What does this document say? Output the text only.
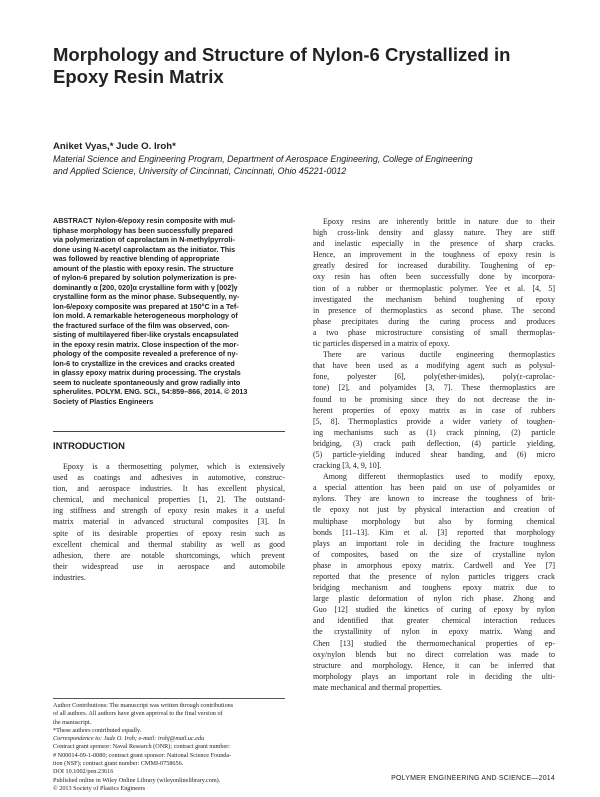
Morphology and Structure of Nylon-6 Crystallized in
Epoxy Resin Matrix
Aniket Vyas,* Jude O. Iroh*
Material Science and Engineering Program, Department of Aerospace Engineering, College of Engineering
and Applied Science, University of Cincinnati, Cincinnati, Ohio 45221-0012
ABSTRACT Nylon-6/epoxy resin composite with mul-
tiphase morphology has been successfully prepared
via polymerization of caprolactam in N-methylpyrroli-
done using N-acetyl caprolactam as the initiator. This
was followed by reactive blending of appropriate
amount of the plastic with epoxy resin. The structure
of nylon-6 prepared by solution polymerization is pre-
dominantly α [200, 020]α crystalline form with γ [002]γ
crystalline form as the minor phase. Subsequently, ny-
lon-6/epoxy composite was prepared at 150°C in a Tef-
lon mold. A remarkable heterogeneous morphology of
the fractured surface of the film was observed, con-
sisting of multilayered fiber-like crystals encapsulated
in the epoxy resin matrix. Close inspection of the mor-
phology of the composite revealed a preference of ny-
lon-6 to crystallize in the crevices and cracks created
in glassy epoxy matrix during processing. The crystals
seem to nucleate spontaneously and grow radially into
spherulites. POLYM. ENG. SCI., 54:859–866, 2014. © 2013
Society of Plastics Engineers
INTRODUCTION
Epoxy is a thermosetting polymer, which is extensively
used as coatings and adhesives in automotive, construc-
tion, and aerospace industries. It has excellent physical,
chemical, and mechanical properties [1, 2]. The outstand-
ing stiffness and strength of epoxy resin makes it a useful
matrix material in advanced structural composites [3]. In
spite of its desirable properties of epoxy resin such as
excellent chemical and thermal stability as well as good
adhesion, there are notable shortcomings, which prevent
their widespread use in aerospace and automobile
industries.
Author Contributions: The manuscript was written through contributions
of all authors. All authors have given approval to the final version of
the manuscript.
*These authors contributed equally.
Correspondence to: Jude O. Iroh; e-mail: irohj@mail.uc.edu
Contract grant sponsor: Naval Research (ONR); contract grant number:
# N00014-09-1-0080; contract grant sponsor: National Science Founda-
tion (NSF); contract grant number: CMMI-0758656.
DOI 10.1002/pen.23616
Published online in Wiley Online Library (wileyonlinelibrary.com).
© 2013 Society of Plastics Engineers
Epoxy resins are inherently brittle in nature due to their
high cross-link density and glassy nature. They are stiff
and inelastic especially in the presence of sharp cracks.
Hence, an improvement in the toughness of epoxy resin is
greatly desired for increased durability. Toughening of ep-
oxy resin has often been successfully done by incorpora-
tion of a rubber or thermoplastic polymer. Yee et al. [4, 5]
investigated the mechanism behind toughening of epoxy
in presence of thermoplastics as second phase. The second
phase precipitates during the curing process and produces
a two phase microstructure consisting of small thermoplas-
tic particles dispersed in a matrix of epoxy.
There are various ductile engineering thermoplastics
that have been used as a modifying agent such as polysul-
fone, polyester [6], poly(ether-imides), poly(ε-caprolac-
tone) [2], and polyamides [3, 7]. These thermoplastics are
found to be promising since they do not decrease the in-
herent properties of epoxy matrix as in case of rubbers
[5, 8]. Thermoplastics provide a wider variety of toughen-
ing mechanisms such as (1) crack pinning, (2) particle
bridging, (3) crack path deflection, (4) particle yielding,
(5) particle-yielding induced shear banding, and (6) micro
cracking [3, 4, 9, 10].
Among different thermoplastics used to modify epoxy,
a special attention has been paid on use of polyamides or
nylons. They are known to increase the toughness of brit-
tle epoxy not just by physical interaction and creation of
multiphase morphology but also by forming chemical
bonds [11–13]. Kim et al. [3] reported that morphology
plays an important role in deciding the fracture toughness
of composites, based on the size of crystalline nylon
phase in amorphous epoxy matrix. Cardwell and Yee [7]
reported that the presence of nylon particles triggers crack
bridging mechanism and toughens epoxy matrix due to
large plastic deformation of nylon rich phase. Zhong and
Guo [12] studied the kinetics of curing of epoxy by nylon
and identified that greater chemical interaction reduces
the crystallinity of nylon in epoxy matrix. Wang and
Chen [13] studied the thermomechanical properties of ep-
oxy/nylon blends but no direct correlation was made to
structure and morphology. Hence, it can be inferred that
morphology plays an important role in deciding the ulti-
mate mechanical and thermal properties.
POLYMER ENGINEERING AND SCIENCE—2014
